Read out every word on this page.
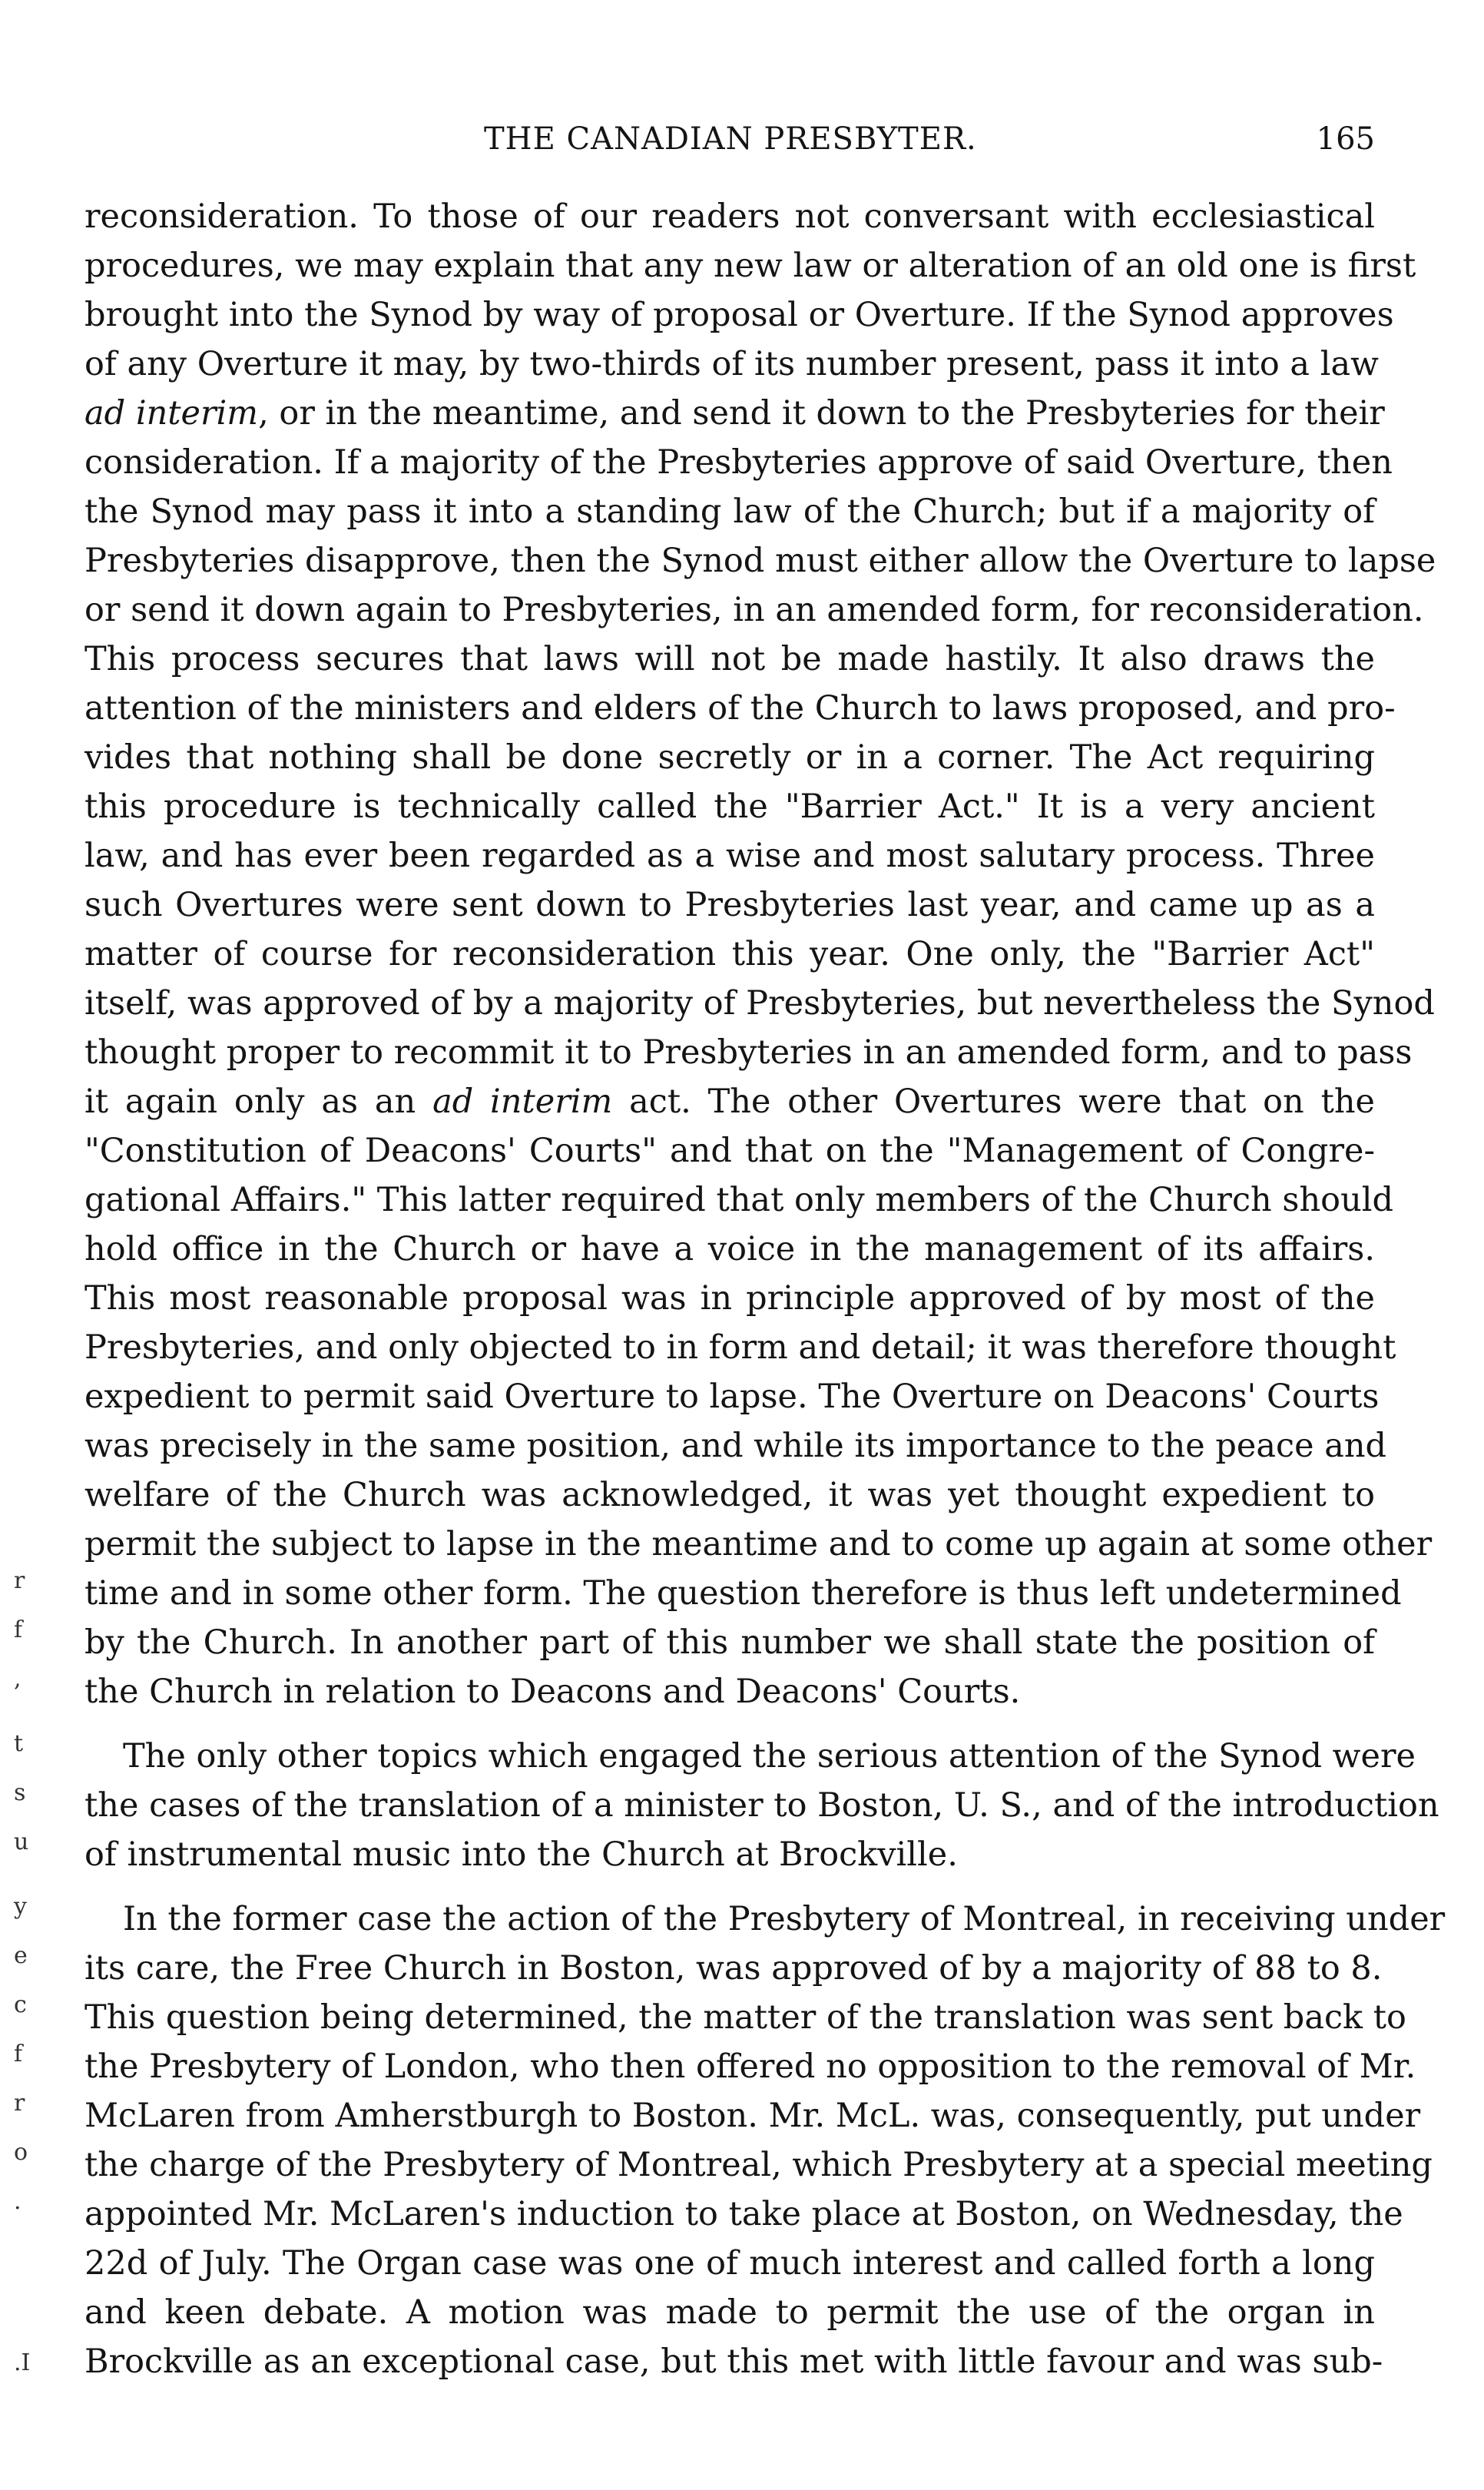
THE CANADIAN PRESBYTER.	165
reconsideration. To those of our readers not conversant with ecclesiastical
procedures, we may explain that any new law or alteration of an old one is first
brought into the Synod by way of proposal or Overture. If the Synod approves
of any Overture it may, by two-thirds of its number present, pass it into a law
ad interim, or in the meantime, and send it down to the Presbyteries for their
consideration. If a majority of the Presbyteries approve of said Overture, then
the Synod may pass it into a standing law of the Church; but if a majority of
Presbyteries disapprove, then the Synod must either allow the Overture to lapse
or send it down again to Presbyteries, in an amended form, for reconsideration.
This process secures that laws will not be made hastily. It also draws the
attention of the ministers and elders of the Church to laws proposed, and pro-
vides that nothing shall be done secretly or in a corner. The Act requiring
this procedure is technically called the "Barrier Act." It is a very ancient
law, and has ever been regarded as a wise and most salutary process. Three
such Overtures were sent down to Presbyteries last year, and came up as a
matter of course for reconsideration this year. One only, the "Barrier Act"
itself, was approved of by a majority of Presbyteries, but nevertheless the Synod
thought proper to recommit it to Presbyteries in an amended form, and to pass
it again only as an ad interim act. The other Overtures were that on the
"Constitution of Deacons' Courts" and that on the "Management of Congre-
gational Affairs." This latter required that only members of the Church should
hold office in the Church or have a voice in the management of its affairs.
This most reasonable proposal was in principle approved of by most of the
Presbyteries, and only objected to in form and detail; it was therefore thought
expedient to permit said Overture to lapse. The Overture on Deacons' Courts
was precisely in the same position, and while its importance to the peace and
welfare of the Church was acknowledged, it was yet thought expedient to
permit the subject to lapse in the meantime and to come up again at some other
time and in some other form. The question therefore is thus left undetermined
by the Church. In another part of this number we shall state the position of
the Church in relation to Deacons and Deacons' Courts.
The only other topics which engaged the serious attention of the Synod were
the cases of the translation of a minister to Boston, U. S., and of the introduction
of instrumental music into the Church at Brockville.
In the former case the action of the Presbytery of Montreal, in receiving under
its care, the Free Church in Boston, was approved of by a majority of 88 to 8.
This question being determined, the matter of the translation was sent back to
the Presbytery of London, who then offered no opposition to the removal of Mr.
McLaren from Amherstburgh to Boston. Mr. McL. was, consequently, put under
the charge of the Presbytery of Montreal, which Presbytery at a special meeting
appointed Mr. McLaren's induction to take place at Boston, on Wednesday, the
22d of July. The Organ case was one of much interest and called forth a long
and keen debate. A motion was made to permit the use of the organ in
Brockville as an exceptional case, but this met with little favour and was sub-
r
f
,
t
s
u
y
e
c
f
r
o
.
.I
